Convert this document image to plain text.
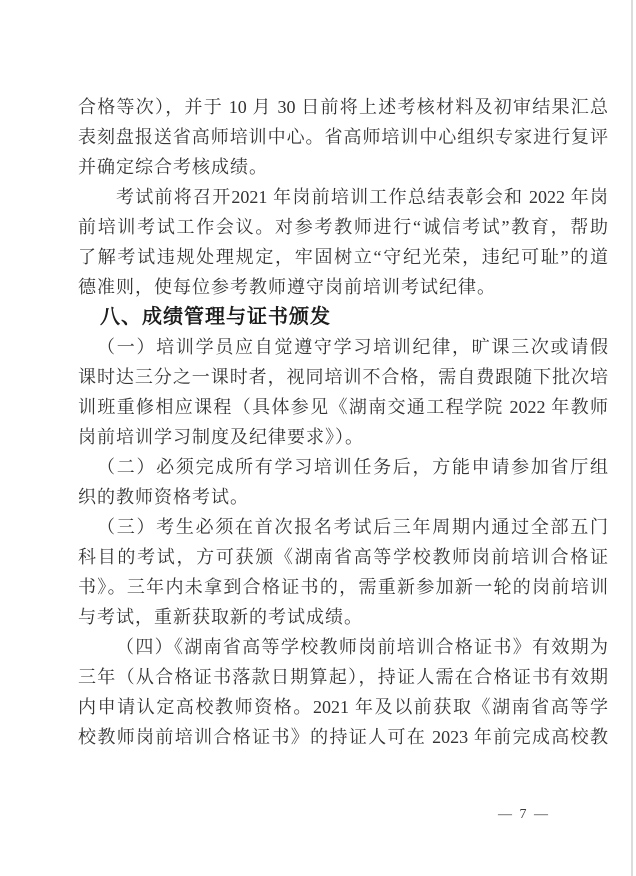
合格等次），并于 10 月 30 日前将上述考核材料及初审结果汇总
表刻盘报送省高师培训中心。省高师培训中心组织专家进行复评
并确定综合考核成绩。
考试前将召开2021 年岗前培训工作总结表彰会和 2022 年岗
前培训考试工作会议。对参考教师进行“诚信考试”教育，帮助
了解考试违规处理规定，牢固树立“守纪光荣，违纪可耻”的道
德准则，使每位参考教师遵守岗前培训考试纪律。
八、成绩管理与证书颁发
（一）培训学员应自觉遵守学习培训纪律，旷课三次或请假
课时达三分之一课时者，视同培训不合格，需自费跟随下批次培
训班重修相应课程（具体参见《湖南交通工程学院 2022 年教师
岗前培训学习制度及纪律要求》）。
（二）必须完成所有学习培训任务后，方能申请参加省厅组
织的教师资格考试。
（三）考生必须在首次报名考试后三年周期内通过全部五门
科目的考试，方可获颁《湖南省高等学校教师岗前培训合格证
书》。三年内未拿到合格证书的，需重新参加新一轮的岗前培训
与考试，重新获取新的考试成绩。
（四）《湖南省高等学校教师岗前培训合格证书》有效期为
三年（从合格证书落款日期算起），持证人需在合格证书有效期
内申请认定高校教师资格。2021 年及以前获取《湖南省高等学
校教师岗前培训合格证书》的持证人可在 2023 年前完成高校教
— 7 —
